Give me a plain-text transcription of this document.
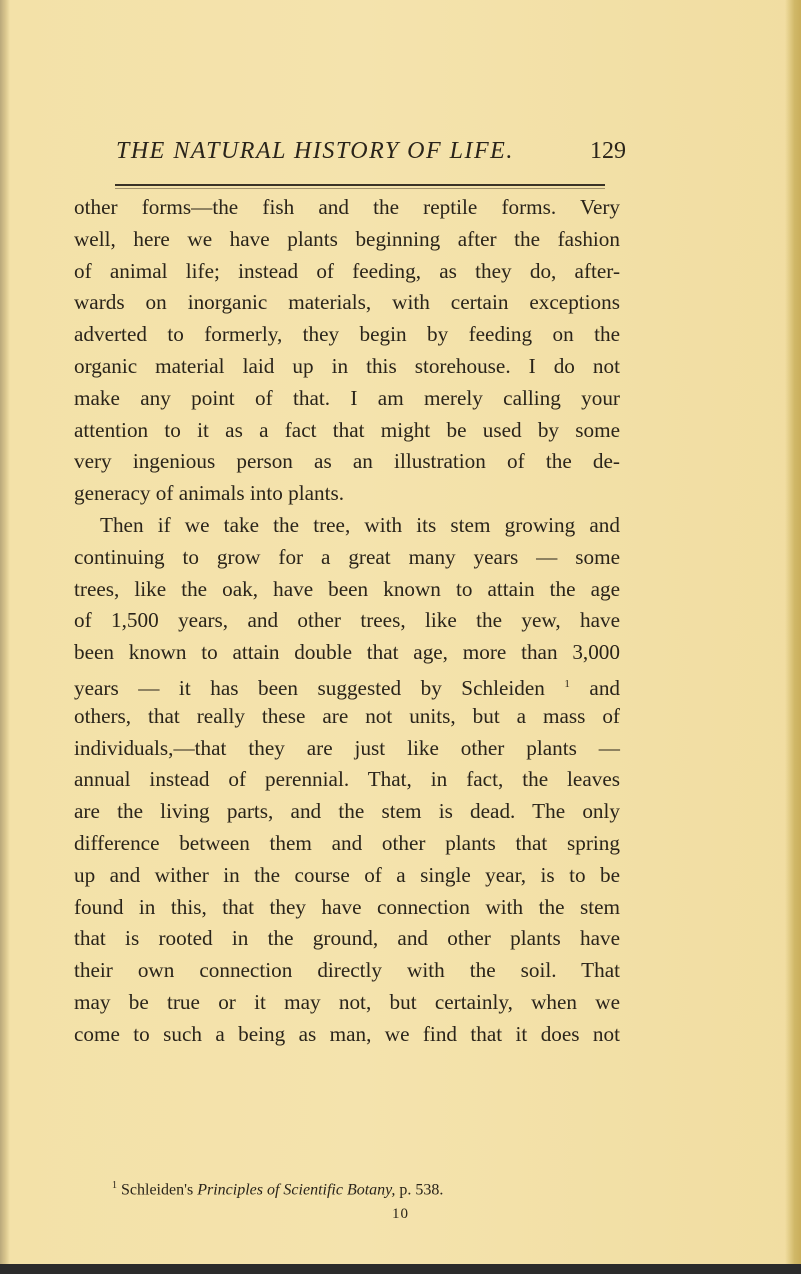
THE NATURAL HISTORY OF LIFE.	129
other forms—the fish and the reptile forms. Very
well, here we have plants beginning after the fashion
of animal life; instead of feeding, as they do, after-
wards on inorganic materials, with certain exceptions
adverted to formerly, they begin by feeding on the
organic material laid up in this storehouse. I do not
make any point of that. I am merely calling your
attention to it as a fact that might be used by some
very ingenious person as an illustration of the de-
generacy of animals into plants.
Then if we take the tree, with its stem growing and
continuing to grow for a great many years — some
trees, like the oak, have been known to attain the age
of 1,500 years, and other trees, like the yew, have
been known to attain double that age, more than 3,000
years — it has been suggested by Schleiden $^1$ and
others, that really these are not units, but a mass of
individuals,—that they are just like other plants —
annual instead of perennial. That, in fact, the leaves
are the living parts, and the stem is dead. The only
difference between them and other plants that spring
up and wither in the course of a single year, is to be
found in this, that they have connection with the stem
that is rooted in the ground, and other plants have
their own connection directly with the soil. That
may be true or it may not, but certainly, when we
come to such a being as man, we find that it does not
$^1$ Schleiden's Principles of Scientific Botany, p. 538.
10
